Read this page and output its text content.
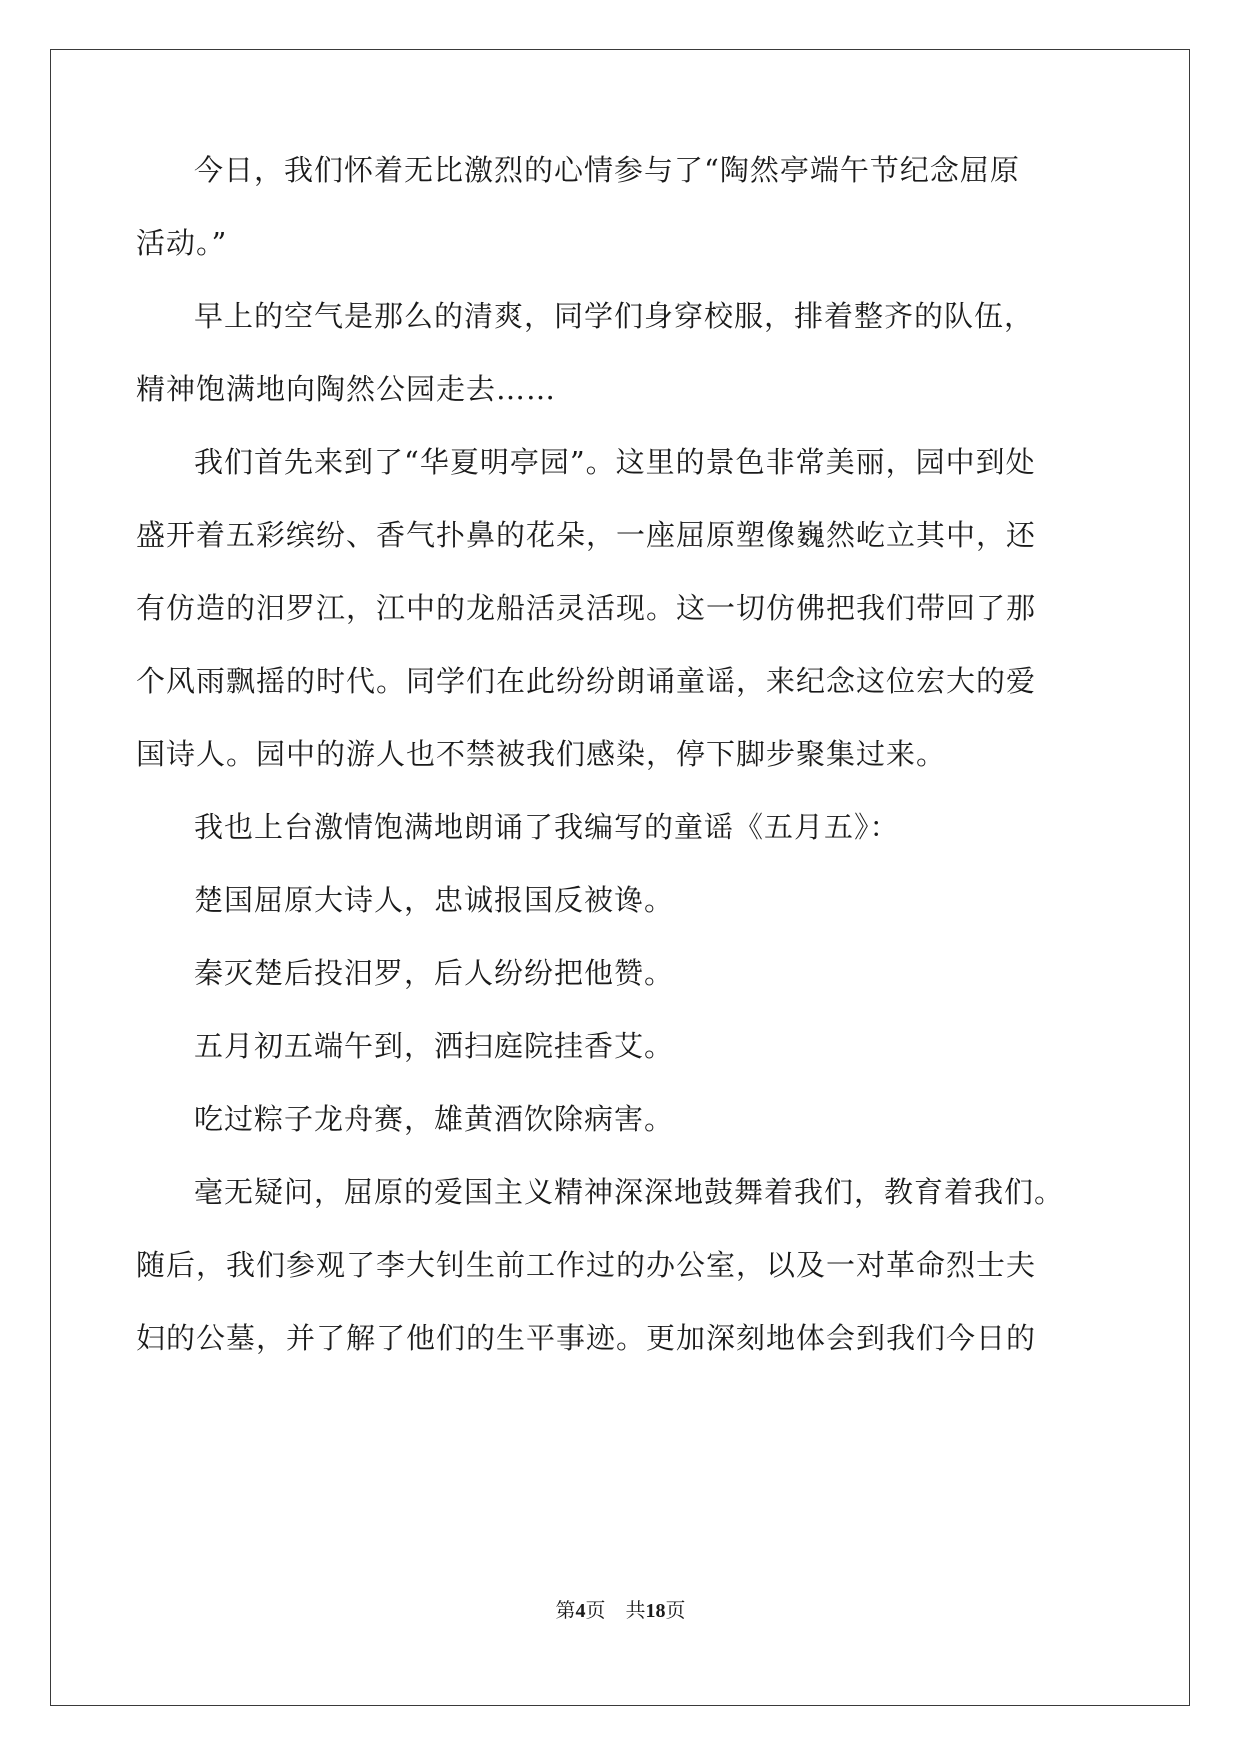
今日，我们怀着无比激烈的心情参与了“陶然亭端午节纪念屈原
活动。”
早上的空气是那么的清爽，同学们身穿校服，排着整齐的队伍，
精神饱满地向陶然公园走去……
我们首先来到了“华夏明亭园”。这里的景色非常美丽，园中到处
盛开着五彩缤纷、香气扑鼻的花朵，一座屈原塑像巍然屹立其中，还
有仿造的汨罗江，江中的龙船活灵活现。这一切仿佛把我们带回了那
个风雨飘摇的时代。同学们在此纷纷朗诵童谣，来纪念这位宏大的爱
国诗人。园中的游人也不禁被我们感染，停下脚步聚集过来。
我也上台激情饱满地朗诵了我编写的童谣《五月五》：
楚国屈原大诗人，忠诚报国反被谗。
秦灭楚后投汨罗，后人纷纷把他赞。
五月初五端午到，洒扫庭院挂香艾。
吃过粽子龙舟赛，雄黄酒饮除病害。
毫无疑问，屈原的爱国主义精神深深地鼓舞着我们，教育着我们。
随后，我们参观了李大钊生前工作过的办公室，以及一对革命烈士夫
妇的公墓，并了解了他们的生平事迹。更加深刻地体会到我们今日的
第4页 共18页
